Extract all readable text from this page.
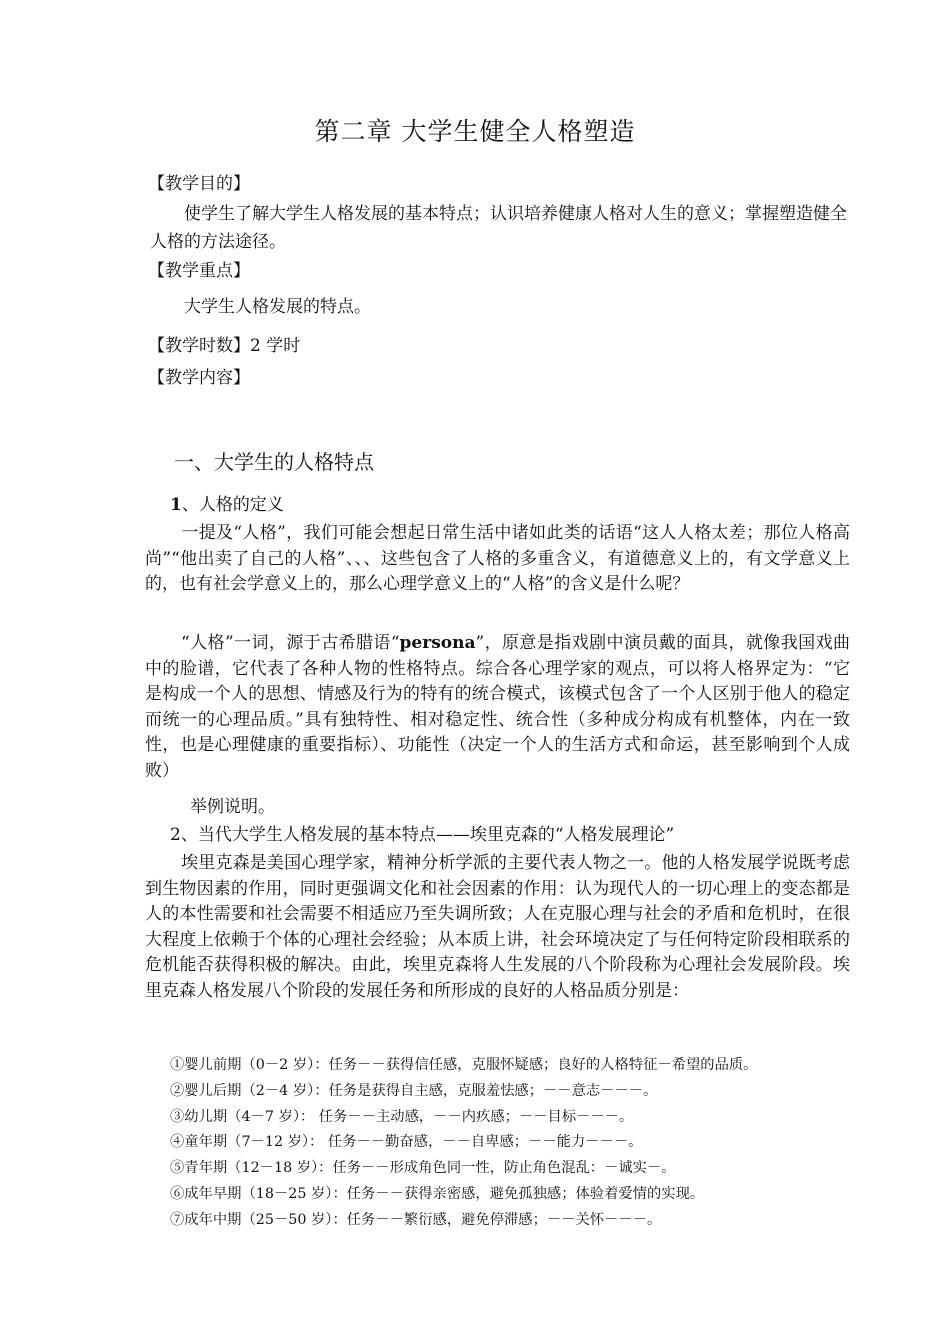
第二章 大学生健全人格塑造
【教学目的】
使学生了解大学生人格发展的基本特点；认识培养健康人格对人生的意义；掌握塑造健全人格的方法途径。
【教学重点】
大学生人格发展的特点。
【教学时数】2 学时
【教学内容】
一、大学生的人格特点
1、人格的定义
一提及“人格”，我们可能会想起日常生活中诸如此类的话语“这人人格太差；那位人格高尚”“他出卖了自己的人格”、、、这些包含了人格的多重含义，有道德意义上的，有文学意义上的，也有社会学意义上的，那么心理学意义上的“人格”的含义是什么呢？
“人格”一词，源于古希腊语“persona”，原意是指戏剧中演员戴的面具，就像我国戏曲中的脸谱，它代表了各种人物的性格特点。综合各心理学家的观点，可以将人格界定为：“它是构成一个人的思想、情感及行为的特有的统合模式，该模式包含了一个人区别于他人的稳定而统一的心理品质。”具有独特性、相对稳定性、统合性（多种成分构成有机整体，内在一致性，也是心理健康的重要指标）、功能性（决定一个人的生活方式和命运，甚至影响到个人成败）
举例说明。
2、当代大学生人格发展的基本特点——埃里克森的“人格发展理论”
埃里克森是美国心理学家，精神分析学派的主要代表人物之一。他的人格发展学说既考虑到生物因素的作用，同时更强调文化和社会因素的作用：认为现代人的一切心理上的变态都是人的本性需要和社会需要不相适应乃至失调所致；人在克服心理与社会的矛盾和危机时，在很大程度上依赖于个体的心理社会经验；从本质上讲，社会环境决定了与任何特定阶段相联系的危机能否获得积极的解决。由此，埃里克森将人生发展的八个阶段称为心理社会发展阶段。埃里克森人格发展八个阶段的发展任务和所形成的良好的人格品质分别是：
①婴儿前期（0－2 岁）：任务－－获得信任感，克服怀疑感；良好的人格特征－希望的品质。
②婴儿后期（2－4 岁）：任务是获得自主感，克服羞怯感；－－意志－－－。
③幼儿期（4－7 岁）： 任务－－主动感，－－内疚感；－－目标－－－。
④童年期（7－12 岁）： 任务－－勤奋感，－－自卑感；－－能力－－－。
⑤青年期（12－18 岁）：任务－－形成角色同一性，防止角色混乱：－诚实－。
⑥成年早期（18－25 岁）：任务－－获得亲密感，避免孤独感；体验着爱情的实现。
⑦成年中期（25－50 岁）：任务－－繁衍感，避免停滞感；－－关怀－－－。
